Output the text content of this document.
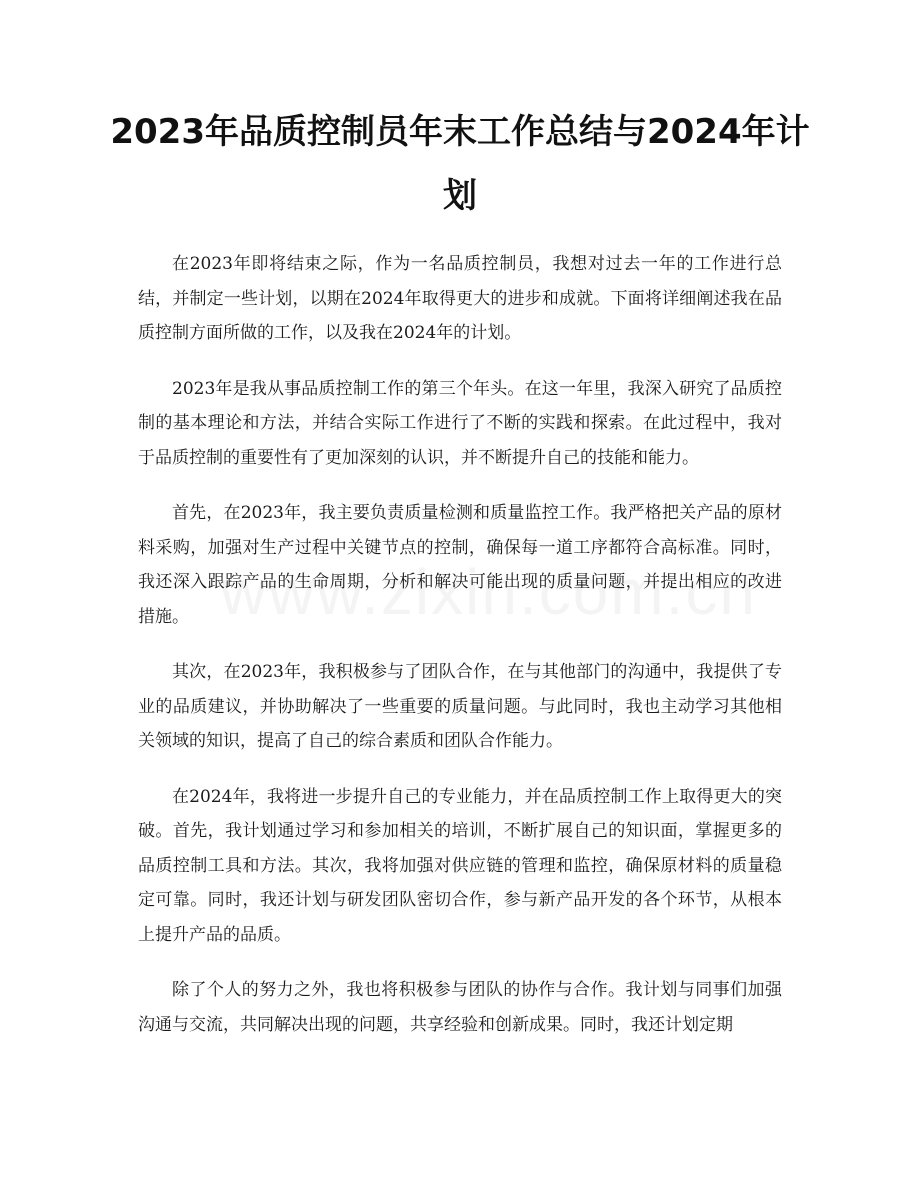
2023年品质控制员年末工作总结与2024年计划

在2023年即将结束之际，作为一名品质控制员，我想对过去一年的工作进行总结，并制定一些计划，以期在2024年取得更大的进步和成就。下面将详细阐述我在品质控制方面所做的工作，以及我在2024年的计划。

2023年是我从事品质控制工作的第三个年头。在这一年里，我深入研究了品质控制的基本理论和方法，并结合实际工作进行了不断的实践和探索。在此过程中，我对于品质控制的重要性有了更加深刻的认识，并不断提升自己的技能和能力。

首先，在2023年，我主要负责质量检测和质量监控工作。我严格把关产品的原材料采购，加强对生产过程中关键节点的控制，确保每一道工序都符合高标准。同时，我还深入跟踪产品的生命周期，分析和解决可能出现的质量问题，并提出相应的改进措施。

其次，在2023年，我积极参与了团队合作，在与其他部门的沟通中，我提供了专业的品质建议，并协助解决了一些重要的质量问题。与此同时，我也主动学习其他相关领域的知识，提高了自己的综合素质和团队合作能力。

在2024年，我将进一步提升自己的专业能力，并在品质控制工作上取得更大的突破。首先，我计划通过学习和参加相关的培训，不断扩展自己的知识面，掌握更多的品质控制工具和方法。其次，我将加强对供应链的管理和监控，确保原材料的质量稳定可靠。同时，我还计划与研发团队密切合作，参与新产品开发的各个环节，从根本上提升产品的品质。

除了个人的努力之外，我也将积极参与团队的协作与合作。我计划与同事们加强沟通与交流，共同解决出现的问题，共享经验和创新成果。同时，我还计划定期
